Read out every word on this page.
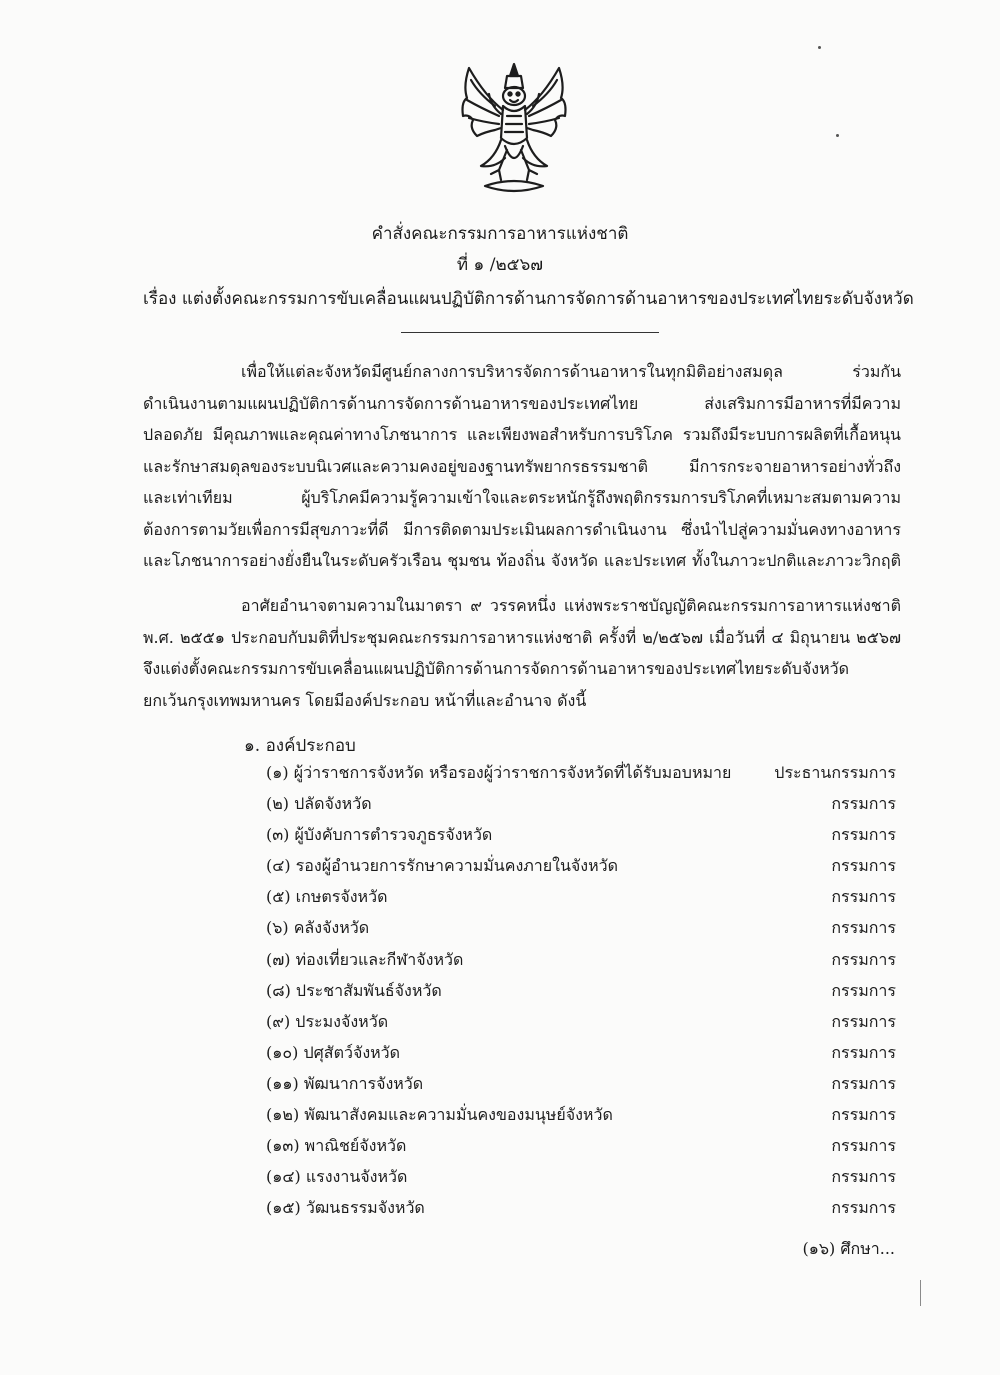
คำสั่งคณะกรรมการอาหารแห่งชาติ
ที่ ๑ /๒๕๖๗
เรื่อง แต่งตั้งคณะกรรมการขับเคลื่อนแผนปฏิบัติการด้านการจัดการด้านอาหารของประเทศไทยระดับจังหวัด
เพื่อให้แต่ละจังหวัดมีศูนย์กลางการบริหารจัดการด้านอาหารในทุกมิติอย่างสมดุล ร่วมกัน
ดำเนินงานตามแผนปฏิบัติการด้านการจัดการด้านอาหารของประเทศไทย ส่งเสริมการมีอาหารที่มีความ
ปลอดภัย มีคุณภาพและคุณค่าทางโภชนาการ และเพียงพอสำหรับการบริโภค รวมถึงมีระบบการผลิตที่เกื้อหนุน
และรักษาสมดุลของระบบนิเวศและความคงอยู่ของฐานทรัพยากรธรรมชาติ มีการกระจายอาหารอย่างทั่วถึง
และเท่าเทียม ผู้บริโภคมีความรู้ความเข้าใจและตระหนักรู้ถึงพฤติกรรมการบริโภคที่เหมาะสมตามความ
ต้องการตามวัยเพื่อการมีสุขภาวะที่ดี มีการติดตามประเมินผลการดำเนินงาน ซึ่งนำไปสู่ความมั่นคงทางอาหาร
และโภชนาการอย่างยั่งยืนในระดับครัวเรือน ชุมชน ท้องถิ่น จังหวัด และประเทศ ทั้งในภาวะปกติและภาวะวิกฤติ
อาศัยอำนาจตามความในมาตรา ๙ วรรคหนึ่ง แห่งพระราชบัญญัติคณะกรรมการอาหารแห่งชาติ
พ.ศ. ๒๕๕๑ ประกอบกับมติที่ประชุมคณะกรรมการอาหารแห่งชาติ ครั้งที่ ๒/๒๕๖๗ เมื่อวันที่ ๔ มิถุนายน ๒๕๖๗
จึงแต่งตั้งคณะกรรมการขับเคลื่อนแผนปฏิบัติการด้านการจัดการด้านอาหารของประเทศไทยระดับจังหวัด
ยกเว้นกรุงเทพมหานคร โดยมีองค์ประกอบ หน้าที่และอำนาจ ดังนี้
๑. องค์ประกอบ
(๑) ผู้ว่าราชการจังหวัด หรือรองผู้ว่าราชการจังหวัดที่ได้รับมอบหมาย	ประธานกรรมการ
(๒) ปลัดจังหวัด	กรรมการ
(๓) ผู้บังคับการตำรวจภูธรจังหวัด	กรรมการ
(๔) รองผู้อำนวยการรักษาความมั่นคงภายในจังหวัด	กรรมการ
(๕) เกษตรจังหวัด	กรรมการ
(๖) คลังจังหวัด	กรรมการ
(๗) ท่องเที่ยวและกีฬาจังหวัด	กรรมการ
(๘) ประชาสัมพันธ์จังหวัด	กรรมการ
(๙) ประมงจังหวัด	กรรมการ
(๑๐) ปศุสัตว์จังหวัด	กรรมการ
(๑๑) พัฒนาการจังหวัด	กรรมการ
(๑๒) พัฒนาสังคมและความมั่นคงของมนุษย์จังหวัด	กรรมการ
(๑๓) พาณิชย์จังหวัด	กรรมการ
(๑๔) แรงงานจังหวัด	กรรมการ
(๑๕) วัฒนธรรมจังหวัด	กรรมการ
(๑๖) ศึกษา...
